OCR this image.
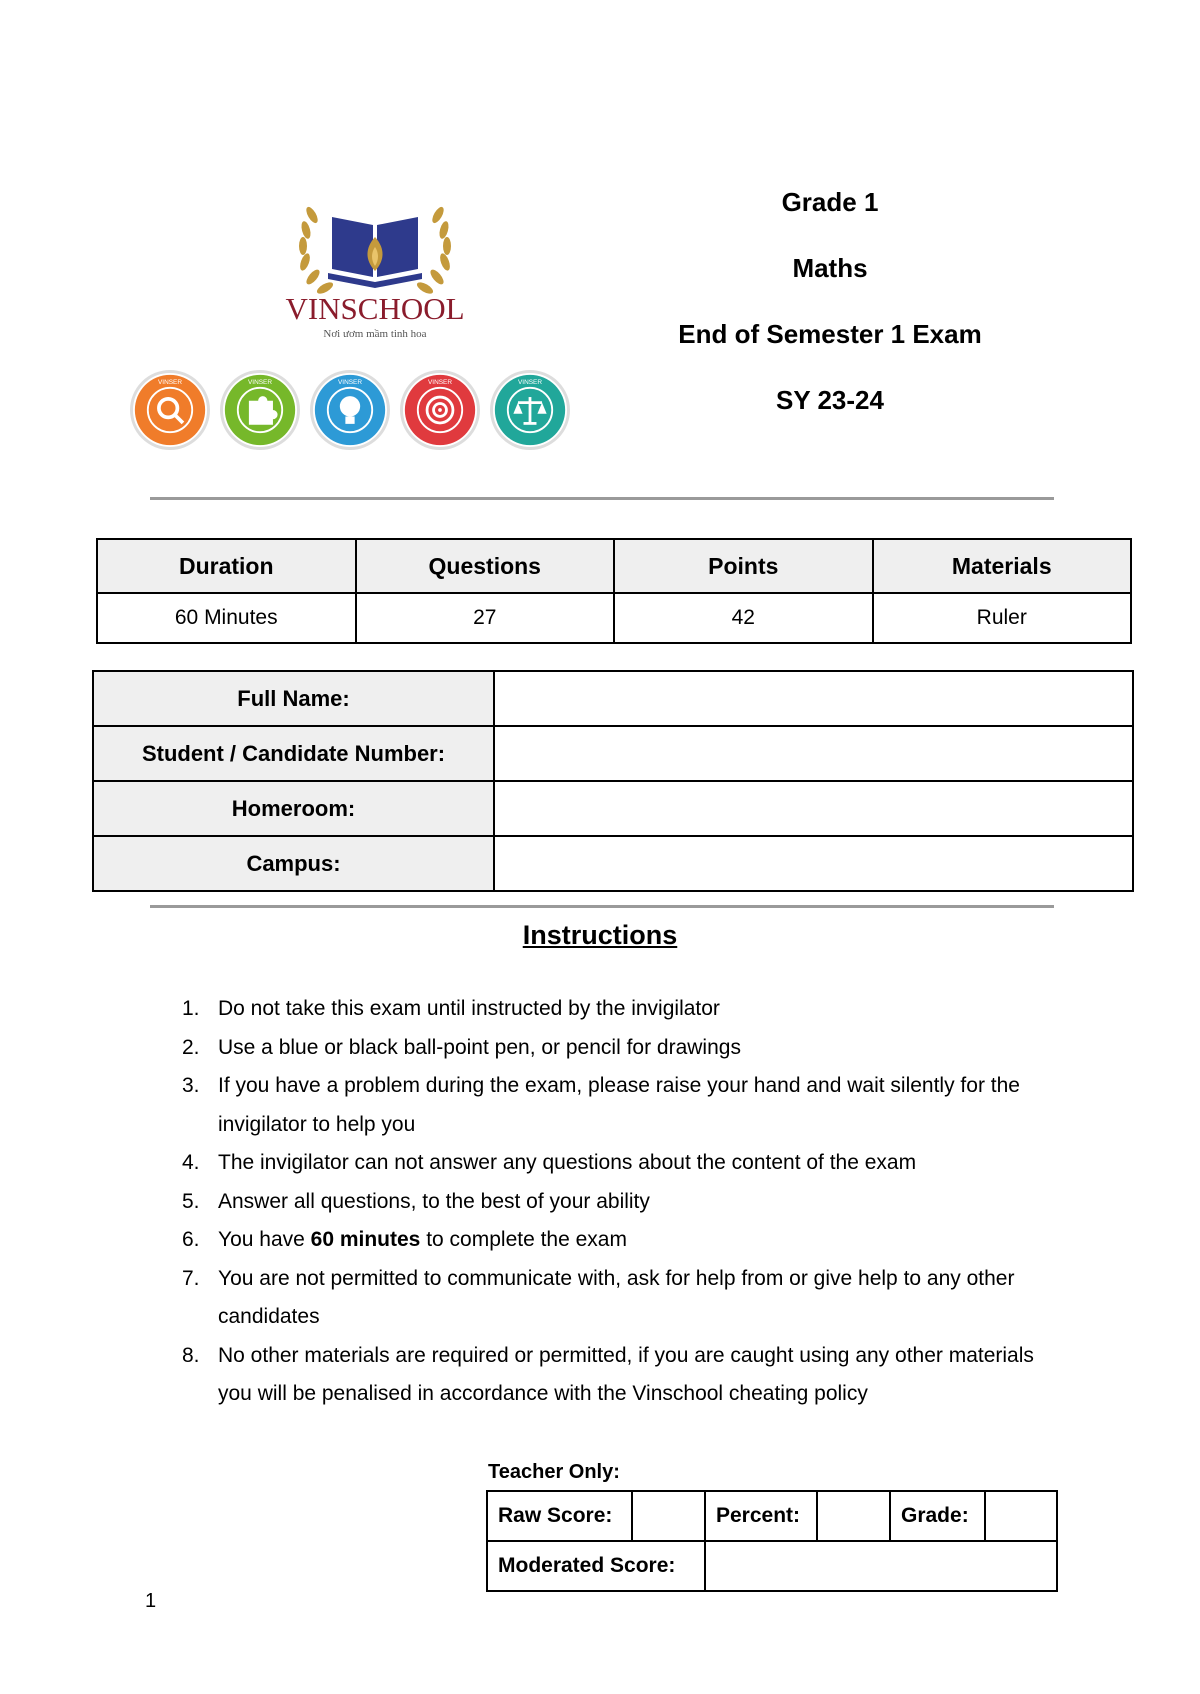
VINSCHOOL
Nơi ươm mầm tinh hoa
VINSER	VINSER	VINSER	VINSER	VINSER
Grade 1
Maths
End of Semester 1 Exam
SY 23-24
Duration	Questions	Points	Materials
60 Minutes	27	42	Ruler
Full Name:	
Student / Candidate Number:	
Homeroom:	
Campus:	
Instructions
1. Do not take this exam until instructed by the invigilator
2. Use a blue or black ball-point pen, or pencil for drawings
3. If you have a problem during the exam, please raise your hand and wait silently for the invigilator to help you
4. The invigilator can not answer any questions about the content of the exam
5. Answer all questions, to the best of your ability
6. You have 60 minutes to complete the exam
7. You are not permitted to communicate with, ask for help from or give help to any other candidates
8. No other materials are required or permitted, if you are caught using any other materials you will be penalised in accordance with the Vinschool cheating policy
Teacher Only:
Raw Score:		Percent:		Grade:	
Moderated Score:					
1
